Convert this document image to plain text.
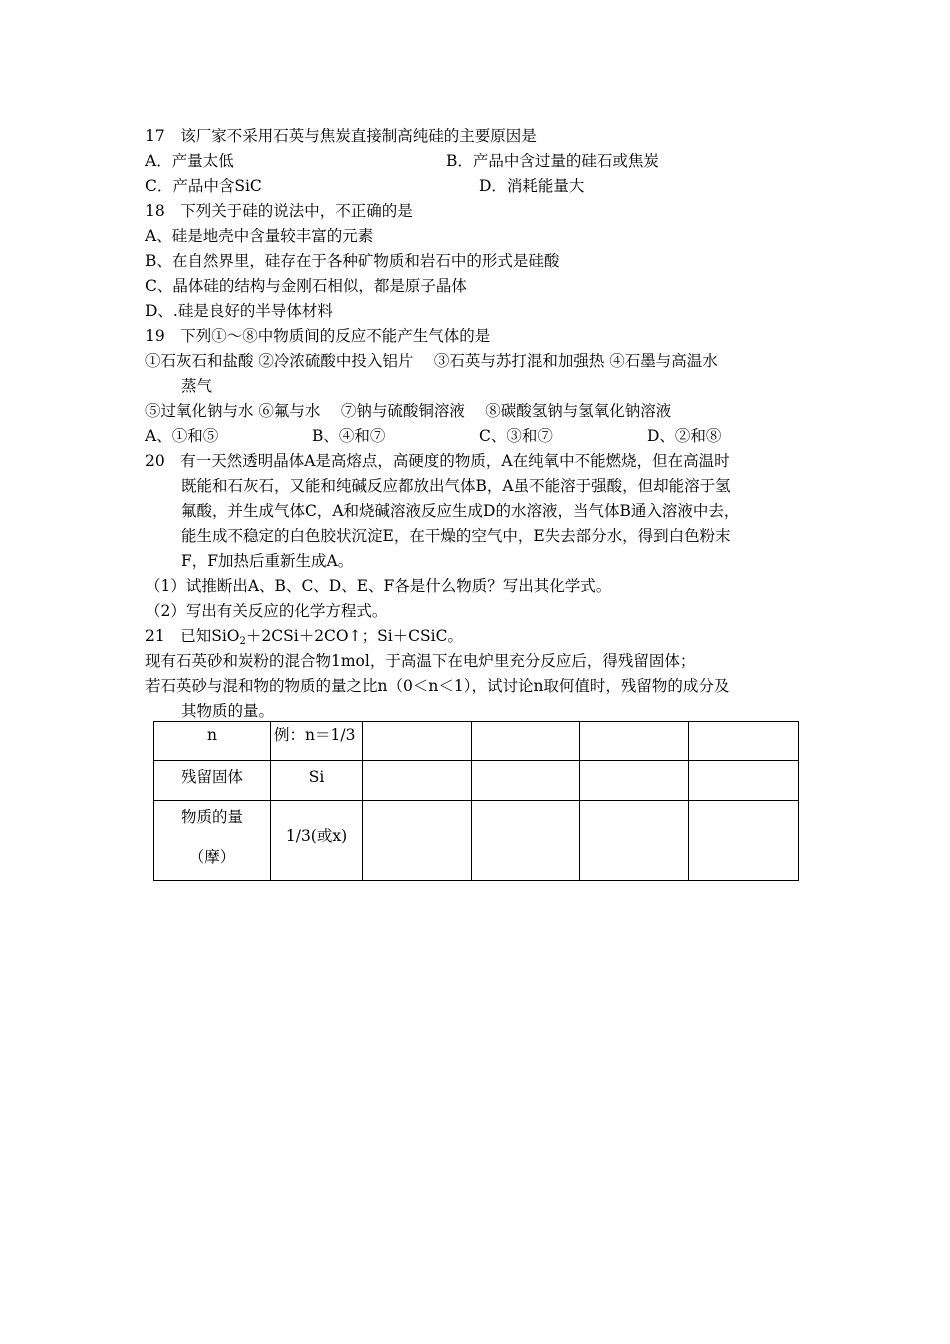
17　该厂家不采用石英与焦炭直接制高纯硅的主要原因是
A．产量太低	B．产品中含过量的硅石或焦炭
C．产品中含SiC	D．消耗能量大
18　下列关于硅的说法中，不正确的是
A、硅是地壳中含量较丰富的元素
B、在自然界里，硅存在于各种矿物质和岩石中的形式是硅酸
C、晶体硅的结构与金刚石相似，都是原子晶体
D、.硅是良好的半导体材料
19　下列①～⑧中物质间的反应不能产生气体的是
①石灰石和盐酸 ②冷浓硫酸中投入铝片　 ③石英与苏打混和加强热 ④石墨与高温水
蒸气
⑤过氧化钠与水 ⑥氟与水　 ⑦钠与硫酸铜溶液　 ⑧碳酸氢钠与氢氧化钠溶液
A、①和⑤	B、④和⑦	C、③和⑦	D、②和⑧
20　有一天然透明晶体A是高熔点，高硬度的物质，A在纯氧中不能燃烧，但在高温时
既能和石灰石，又能和纯碱反应都放出气体B，A虽不能溶于强酸，但却能溶于氢
氟酸，并生成气体C，A和烧碱溶液反应生成D的水溶液，当气体B通入溶液中去，
能生成不稳定的白色胶状沉淀E，在干燥的空气中，E失去部分水，得到白色粉末
F，F加热后重新生成A。
（1）试推断出A、B、C、D、E、F各是什么物质？写出其化学式。
（2）写出有关反应的化学方程式。
21　已知SiO2＋2CSi＋2CO↑；Si＋CSiC。
现有石英砂和炭粉的混合物1mol，于高温下在电炉里充分反应后，得残留固体；
若石英砂与混和物的物质的量之比n（0＜n＜1），试讨论n取何值时，残留物的成分及
其物质的量。
n	例：n＝1/3				

残留固体	Si				

物质的量
（摩）	1/3(或x)				
